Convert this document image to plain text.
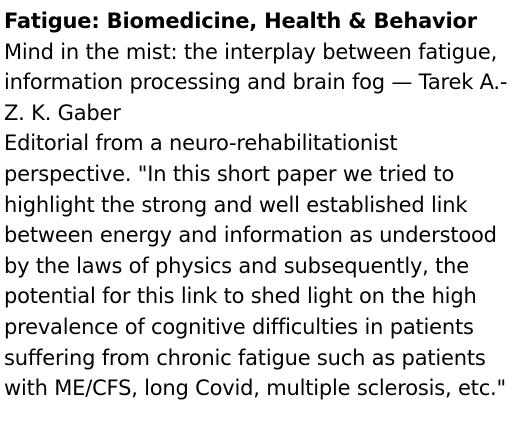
Fatigue: Biomedicine, Health & Behavior
Mind in the mist: the interplay between fatigue, information processing and brain fog — Tarek A.-Z. K. Gaber
Editorial from a neuro-rehabilitationist perspective. "In this short paper we tried to highlight the strong and well established link between energy and information as understood by the laws of physics and subsequently, the potential for this link to shed light on the high prevalence of cognitive difficulties in patients suffering from chronic fatigue such as patients with ME/CFS, long Covid, multiple sclerosis, etc."
